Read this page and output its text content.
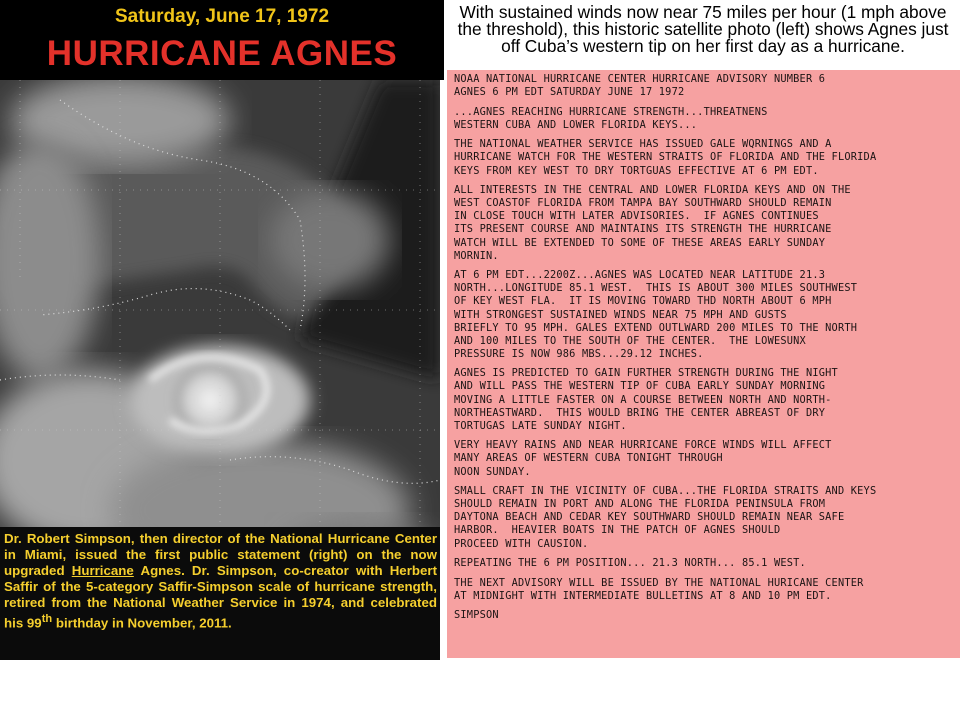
Saturday, June 17, 1972
HURRICANE AGNES
With sustained winds now near 75 miles per hour (1 mph above
the threshold), this historic satellite photo (left) shows Agnes just
off Cuba’s western tip on her first day as a hurricane.

Dr. Robert Simpson, then director of the National Hurricane Center in Miami, issued the first public statement (right) on the now upgraded Hurricane Agnes. Dr. Simpson, co-creator with Herbert Saffir of the 5-category Saffir-Simpson scale of hurricane strength, retired from the National Weather Service in 1974, and celebrated his 99th birthday in November, 2011.

NOAA NATIONAL HURRICANE CENTER HURRICANE ADVISORY NUMBER 6
AGNES 6 PM EDT SATURDAY JUNE 17 1972
...AGNES REACHING HURRICANE STRENGTH...THREATNENS
WESTERN CUBA AND LOWER FLORIDA KEYS...
THE NATIONAL WEATHER SERVICE HAS ISSUED GALE WQRNINGS AND A
HURRICANE WATCH FOR THE WESTERN STRAITS OF FLORIDA AND THE FLORIDA
KEYS FROM KEY WEST TO DRY TORTGUAS EFFECTIVE AT 6 PM EDT.
ALL INTERESTS IN THE CENTRAL AND LOWER FLORIDA KEYS AND ON THE
WEST COASTOF FLORIDA FROM TAMPA BAY SOUTHWARD SHOULD REMAIN
IN CLOSE TOUCH WITH LATER ADVISORIES.  IF AGNES CONTINUES
ITS PRESENT COURSE AND MAINTAINS ITS STRENGTH THE HURRICANE
WATCH WILL BE EXTENDED TO SOME OF THESE AREAS EARLY SUNDAY
MORNIN.
AT 6 PM EDT...2200Z...AGNES WAS LOCATED NEAR LATITUDE 21.3
NORTH...LONGITUDE 85.1 WEST.  THIS IS ABOUT 300 MILES SOUTHWEST
OF KEY WEST FLA.  IT IS MOVING TOWARD THD NORTH ABOUT 6 MPH
WITH STRONGEST SUSTAINED WINDS NEAR 75 MPH AND GUSTS
BRIEFLY TO 95 MPH. GALES EXTEND OUTLWARD 200 MILES TO THE NORTH
AND 100 MILES TO THE SOUTH OF THE CENTER.  THE LOWESUNX
PRESSURE IS NOW 986 MBS...29.12 INCHES.
AGNES IS PREDICTED TO GAIN FURTHER STRENGTH DURING THE NIGHT
AND WILL PASS THE WESTERN TIP OF CUBA EARLY SUNDAY MORNING
MOVING A LITTLE FASTER ON A COURSE BETWEEN NORTH AND NORTH-
NORTHEASTWARD.  THIS WOULD BRING THE CENTER ABREAST OF DRY
TORTUGAS LATE SUNDAY NIGHT.
VERY HEAVY RAINS AND NEAR HURRICANE FORCE WINDS WILL AFFECT
MANY AREAS OF WESTERN CUBA TONIGHT THROUGH
NOON SUNDAY.
SMALL CRAFT IN THE VICINITY OF CUBA...THE FLORIDA STRAITS AND KEYS
SHOULD REMAIN IN PORT AND ALONG THE FLORIDA PENINSULA FROM
DAYTONA BEACH AND CEDAR KEY SOUTHWARD SHOULD REMAIN NEAR SAFE
HARBOR.  HEAVIER BOATS IN THE PATCH OF AGNES SHOULD
PROCEED WITH CAUSION.
REPEATING THE 6 PM POSITION... 21.3 NORTH... 85.1 WEST.
THE NEXT ADVISORY WILL BE ISSUED BY THE NATIONAL HURICANE CENTER
AT MIDNIGHT WITH INTERMEDIATE BULLETINS AT 8 AND 10 PM EDT.
SIMPSON
